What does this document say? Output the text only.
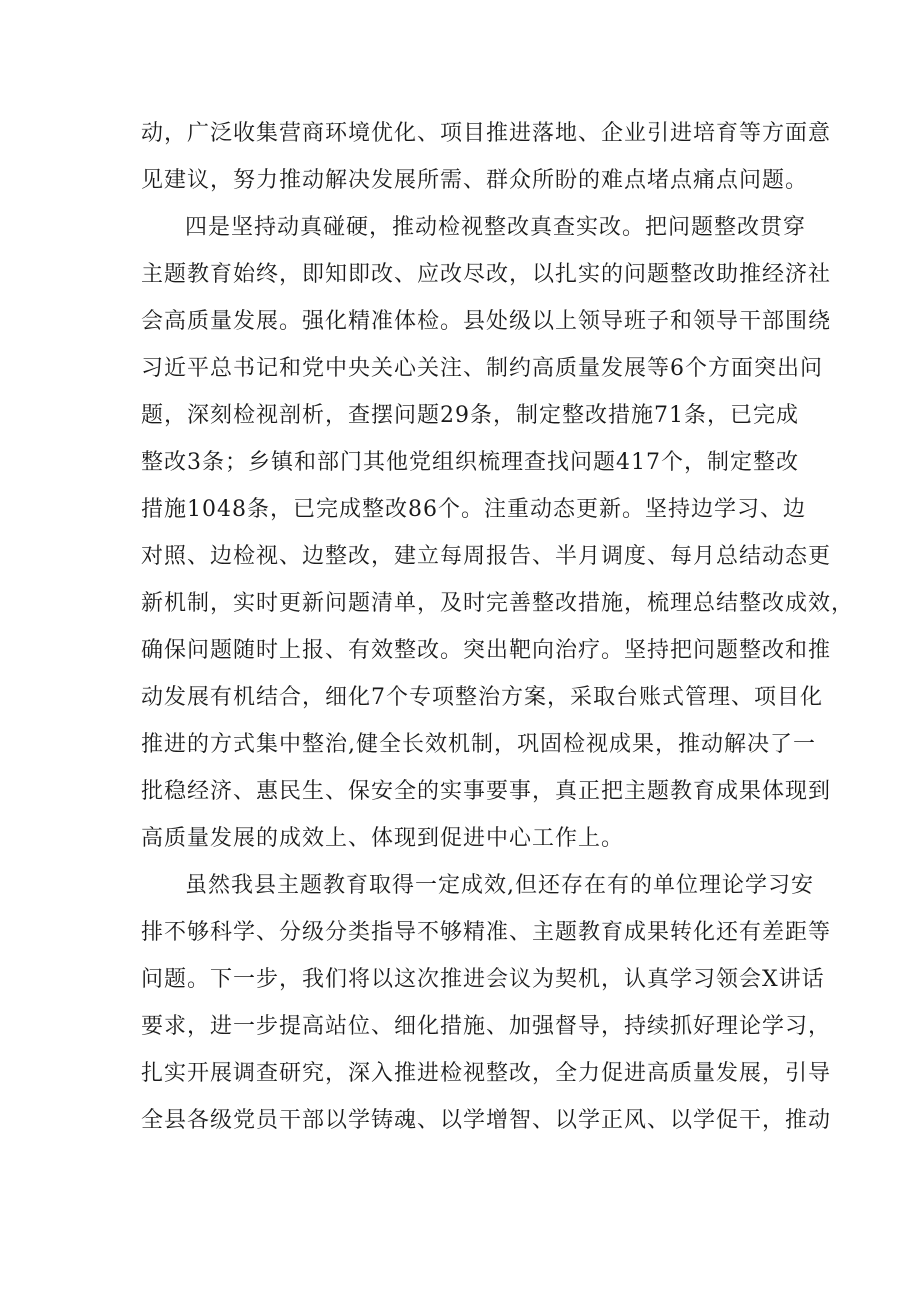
动，广泛收集营商环境优化、项目推进落地、企业引进培育等方面意
见建议，努力推动解决发展所需、群众所盼的难点堵点痛点问题。
四是坚持动真碰硬，推动检视整改真查实改。把问题整改贯穿
主题教育始终，即知即改、应改尽改，以扎实的问题整改助推经济社
会高质量发展。强化精准体检。县处级以上领导班子和领导干部围绕
习近平总书记和党中央关心关注、制约高质量发展等6个方面突出问
题，深刻检视剖析，查摆问题29条，制定整改措施71条，已完成
整改3条；乡镇和部门其他党组织梳理查找问题417个，制定整改
措施1048条，已完成整改86个。注重动态更新。坚持边学习、边
对照、边检视、边整改，建立每周报告、半月调度、每月总结动态更
新机制，实时更新问题清单，及时完善整改措施，梳理总结整改成效，
确保问题随时上报、有效整改。突出靶向治疗。坚持把问题整改和推
动发展有机结合，细化7个专项整治方案，采取台账式管理、项目化
推进的方式集中整治,健全长效机制，巩固检视成果，推动解决了一
批稳经济、惠民生、保安全的实事要事，真正把主题教育成果体现到
高质量发展的成效上、体现到促进中心工作上。
虽然我县主题教育取得一定成效,但还存在有的单位理论学习安
排不够科学、分级分类指导不够精准、主题教育成果转化还有差距等
问题。下一步，我们将以这次推进会议为契机，认真学习领会X讲话
要求，进一步提高站位、细化措施、加强督导，持续抓好理论学习，
扎实开展调查研究，深入推进检视整改，全力促进高质量发展，引导
全县各级党员干部以学铸魂、以学增智、以学正风、以学促干，推动
